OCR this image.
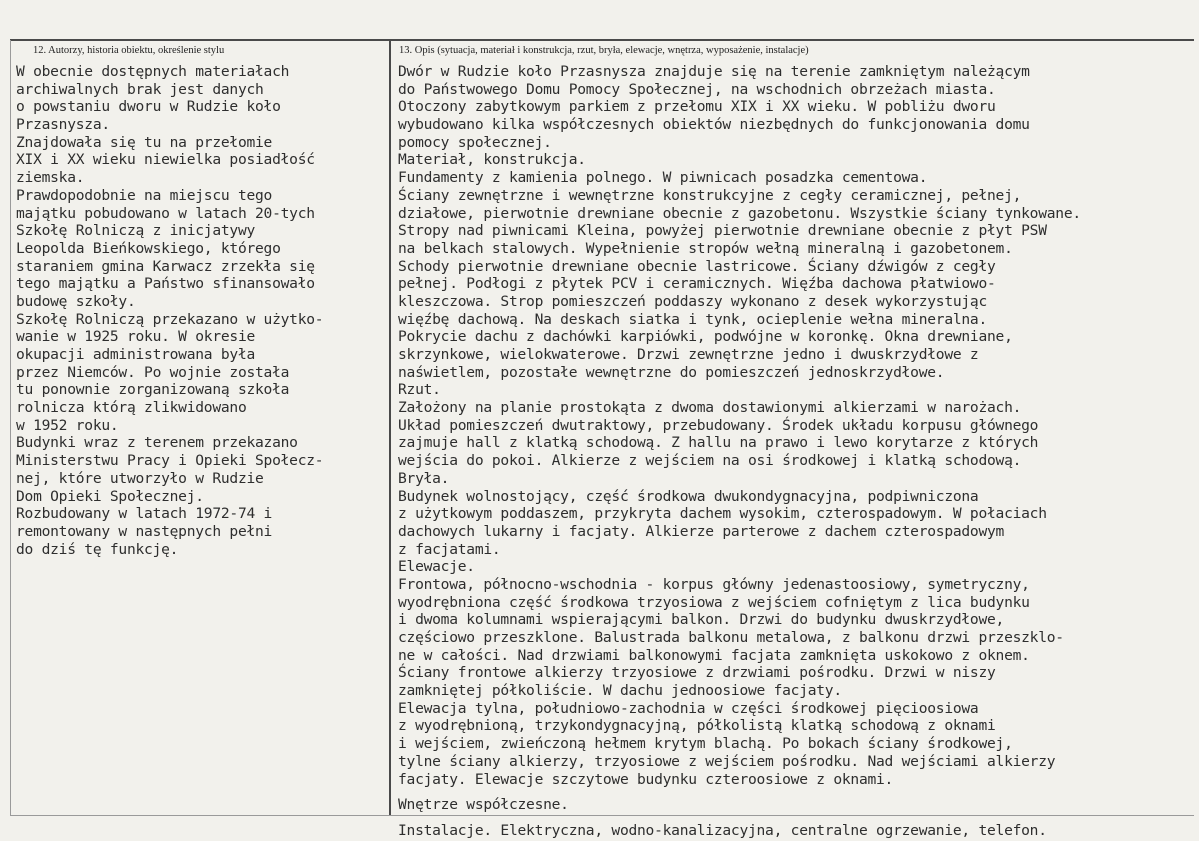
12. Autorzy, historia obiektu, określenie stylu	13. Opis (sytuacja, materiał i konstrukcja, rzut, bryła, elewacje, wnętrza, wyposażenie, instalacje)
W obecnie dostępnych materiałach
archiwalnych brak jest danych
o powstaniu dworu w Rudzie koło
Przasnysza.
Znajdowała się tu na przełomie
XIX i XX wieku niewielka posiadłość
ziemska.
Prawdopodobnie na miejscu tego
majątku pobudowano w latach 20-tych
Szkołę Rolniczą z inicjatywy
Leopolda Bieńkowskiego, którego
staraniem gmina Karwacz zrzekła się
tego majątku a Państwo sfinansowało
budowę szkoły.
Szkołę Rolniczą przekazano w użytko-
wanie w 1925 roku. W okresie
okupacji administrowana była
przez Niemców. Po wojnie została
tu ponownie zorganizowaną szkoła
rolnicza którą zlikwidowano
w 1952 roku.
Budynki wraz z terenem przekazano
Ministerstwu Pracy i Opieki Społecz-
nej, które utworzyło w Rudzie
Dom Opieki Społecznej.
Rozbudowany w latach 1972-74 i
remontowany w następnych pełni
do dziś tę funkcję.
Dwór w Rudzie koło Przasnysza znajduje się na terenie zamkniętym należącym
do Państwowego Domu Pomocy Społecznej, na wschodnich obrzeżach miasta.
Otoczony zabytkowym parkiem z przełomu XIX i XX wieku. W pobliżu dworu
wybudowano kilka współczesnych obiektów niezbędnych do funkcjonowania domu
pomocy społecznej.
Materiał, konstrukcja.
Fundamenty z kamienia polnego. W piwnicach posadzka cementowa.
Ściany zewnętrzne i wewnętrzne konstrukcyjne z cegły ceramicznej, pełnej,
działowe, pierwotnie drewniane obecnie z gazobetonu. Wszystkie ściany tynkowane.
Stropy nad piwnicami Kleina, powyżej pierwotnie drewniane obecnie z płyt PSW
na belkach stalowych. Wypełnienie stropów wełną mineralną i gazobetonem.
Schody pierwotnie drewniane obecnie lastricowe. Ściany dźwigów z cegły
pełnej. Podłogi z płytek PCV i ceramicznych. Więźba dachowa płatwiowo-
kleszczowa. Strop pomieszczeń poddaszy wykonano z desek wykorzystując
więźbę dachową. Na deskach siatka i tynk, ocieplenie wełna mineralna.
Pokrycie dachu z dachówki karpiówki, podwójne w koronkę. Okna drewniane,
skrzynkowe, wielokwaterowe. Drzwi zewnętrzne jedno i dwuskrzydłowe z
naświetlem, pozostałe wewnętrzne do pomieszczeń jednoskrzydłowe.
Rzut.
Założony na planie prostokąta z dwoma dostawionymi alkierzami w narożach.
Układ pomieszczeń dwutraktowy, przebudowany. Środek układu korpusu głównego
zajmuje hall z klatką schodową. Z hallu na prawo i lewo korytarze z których
wejścia do pokoi. Alkierze z wejściem na osi środkowej i klatką schodową.
Bryła.
Budynek wolnostojący, część środkowa dwukondygnacyjna, podpiwniczona
z użytkowym poddaszem, przykryta dachem wysokim, czterospadowym. W połaciach
dachowych lukarny i facjaty. Alkierze parterowe z dachem czterospadowym
z facjatami.
Elewacje.
Frontowa, północno-wschodnia - korpus główny jedenastoosiowy, symetryczny,
wyodrębniona część środkowa trzyosiowa z wejściem cofniętym z lica budynku
i dwoma kolumnami wspierającymi balkon. Drzwi do budynku dwuskrzydłowe,
częściowo przeszklone. Balustrada balkonu metalowa, z balkonu drzwi przeszklo-
ne w całości. Nad drzwiami balkonowymi facjata zamknięta uskokowo z oknem.
Ściany frontowe alkierzy trzyosiowe z drzwiami pośrodku. Drzwi w niszy
zamkniętej półkoliście. W dachu jednoosiowe facjaty.
Elewacja tylna, południowo-zachodnia w części środkowej pięcioosiowa
z wyodrębnioną, trzykondygnacyjną, półkolistą klatką schodową z oknami
i wejściem, zwieńczoną hełmem krytym blachą. Po bokach ściany środkowej,
tylne ściany alkierzy, trzyosiowe z wejściem pośrodku. Nad wejściami alkierzy
facjaty. Elewacje szczytowe budynku czteroosiowe z oknami.
Wnętrze współczesne.
Instalacje. Elektryczna, wodno-kanalizacyjna, centralne ogrzewanie, telefon.
